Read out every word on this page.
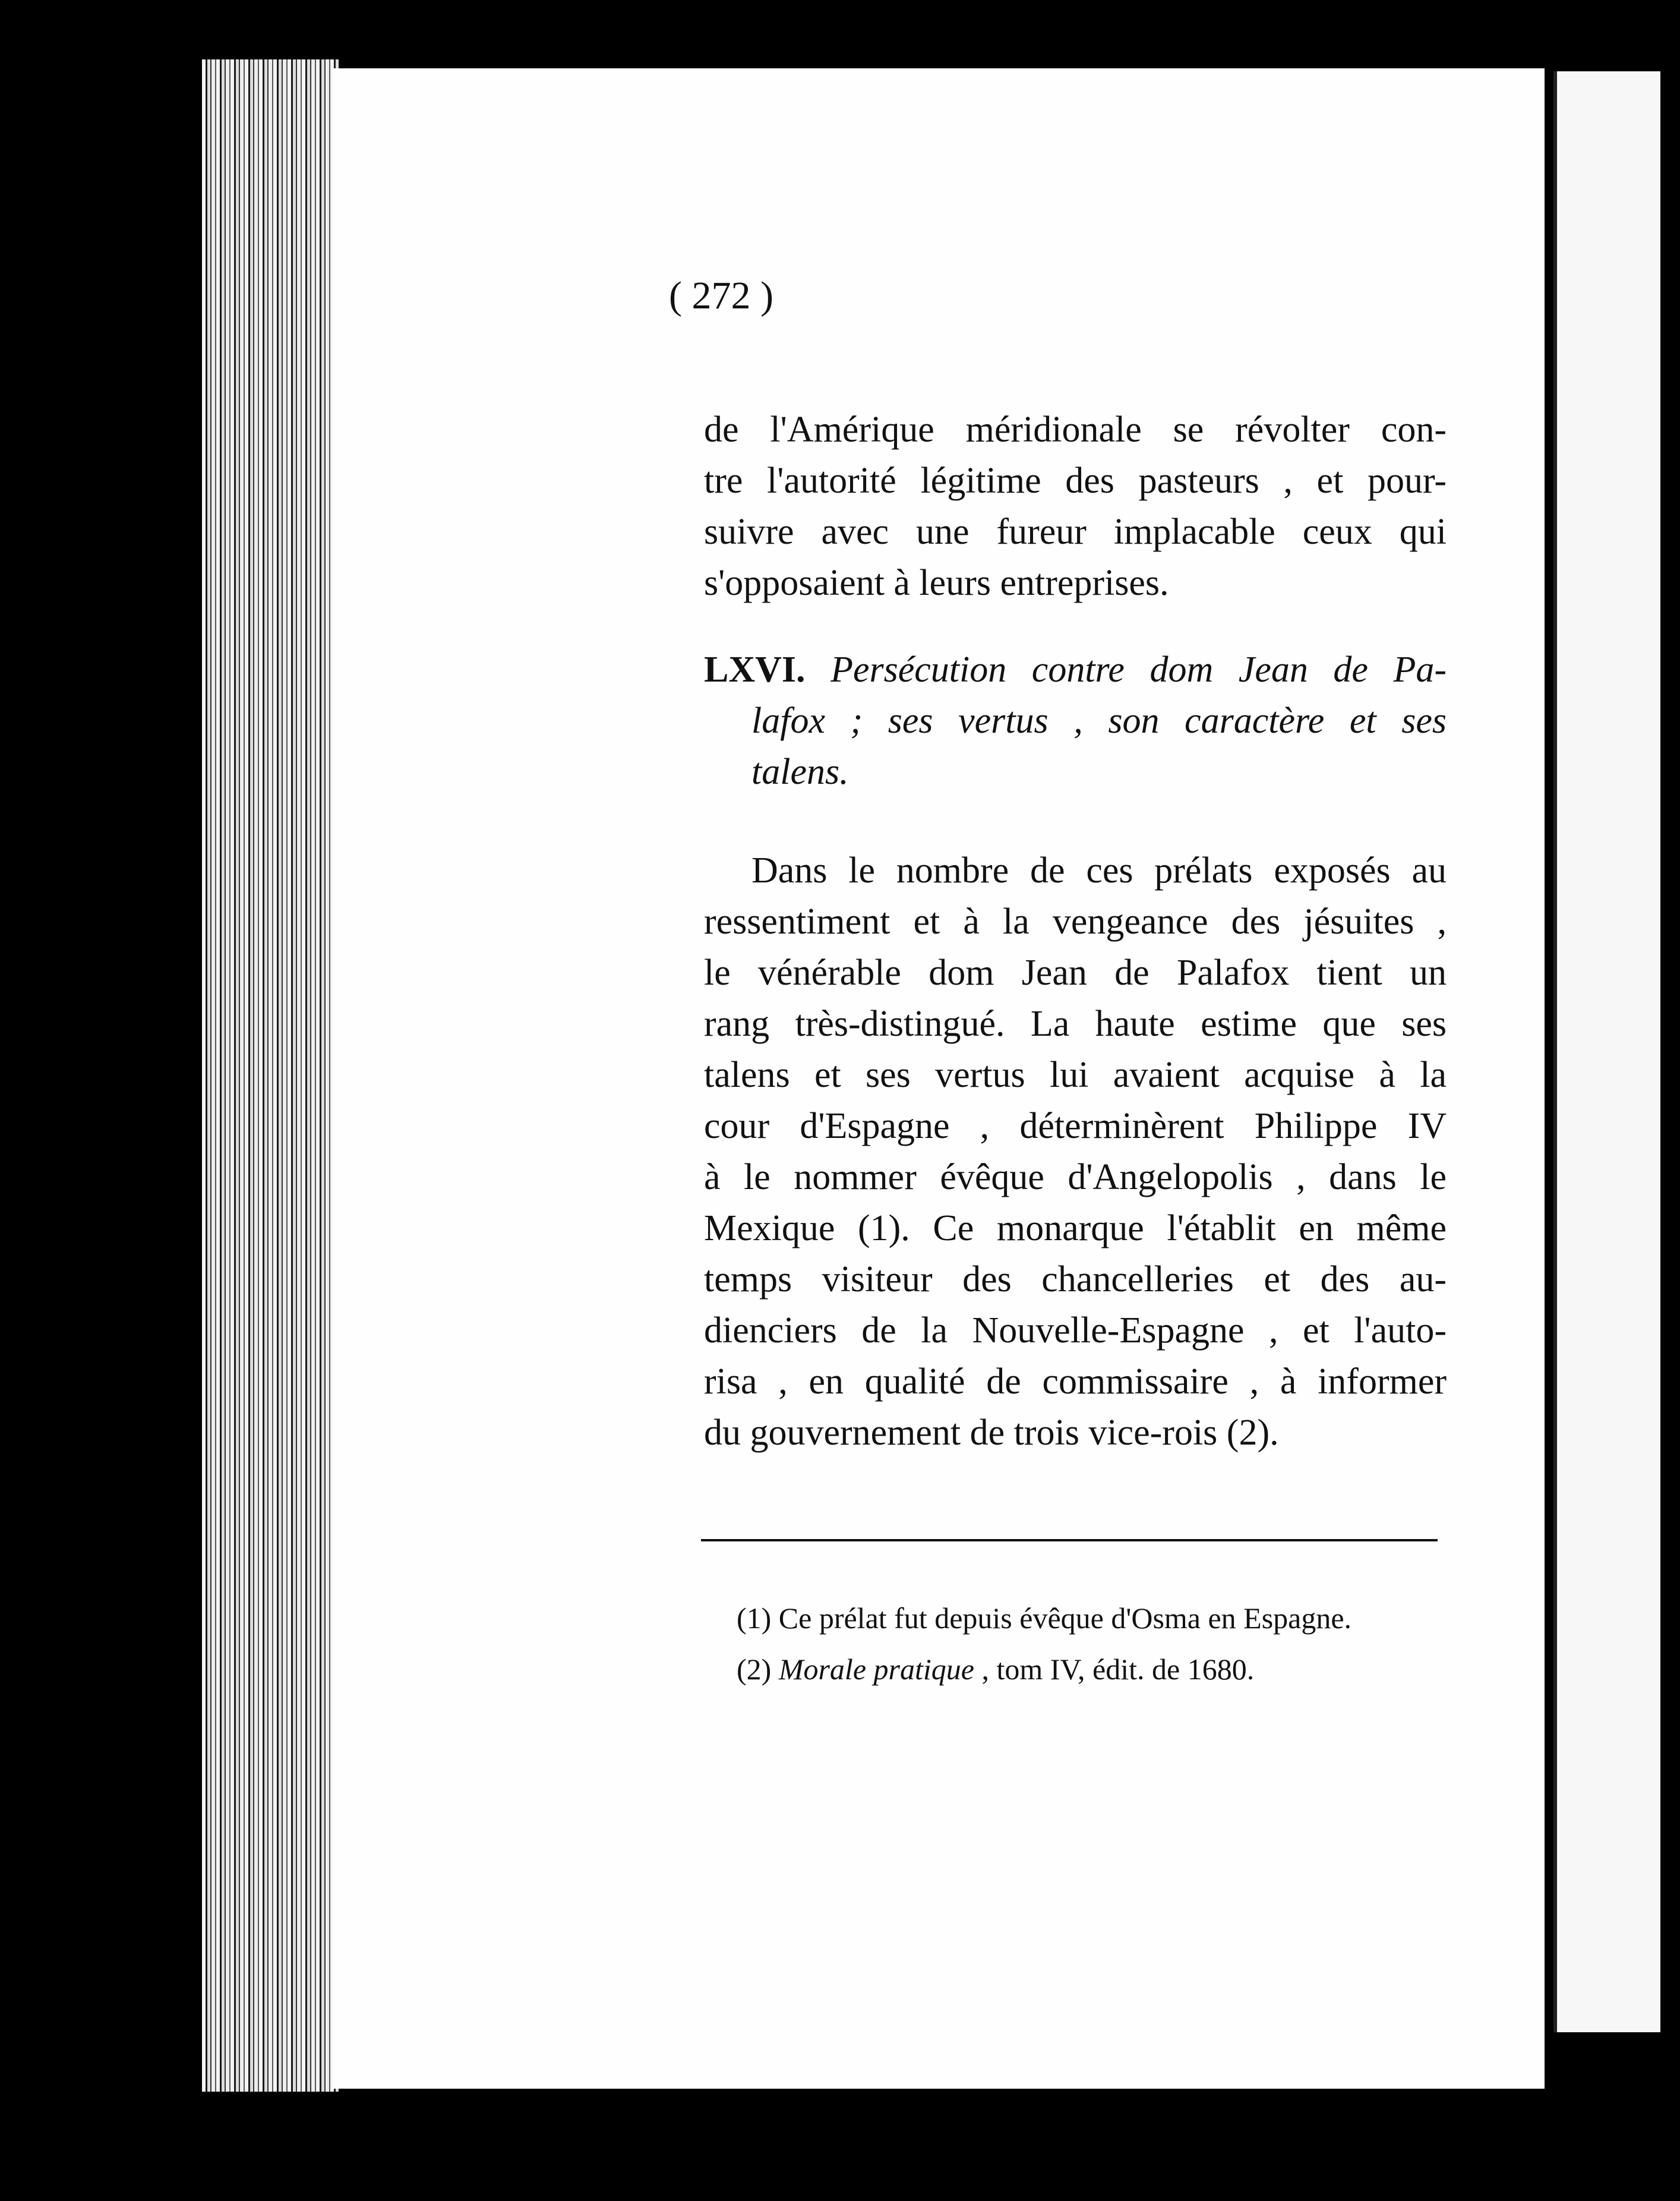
( 272 )
de l'Amérique méridionale se révolter con-
tre l'autorité légitime des pasteurs , et pour-
suivre avec une fureur implacable ceux qui
s'opposaient à leurs entreprises.
LXVI. Persécution contre dom Jean de Pa-
lafox ; ses vertus , son caractère et ses
talens.
Dans le nombre de ces prélats exposés au
ressentiment et à la vengeance des jésuites ,
le vénérable dom Jean de Palafox tient un
rang très-distingué. La haute estime que ses
talens et ses vertus lui avaient acquise à la
cour d'Espagne , déterminèrent Philippe IV
à le nommer évêque d'Angelopolis , dans le
Mexique (1). Ce monarque l'établit en même
temps visiteur des chancelleries et des au-
dienciers de la Nouvelle-Espagne , et l'auto-
risa , en qualité de commissaire , à informer
du gouvernement de trois vice-rois (2).
(1) Ce prélat fut depuis évêque d'Osma en Espagne.
(2) Morale pratique , tom IV, édit. de 1680.
